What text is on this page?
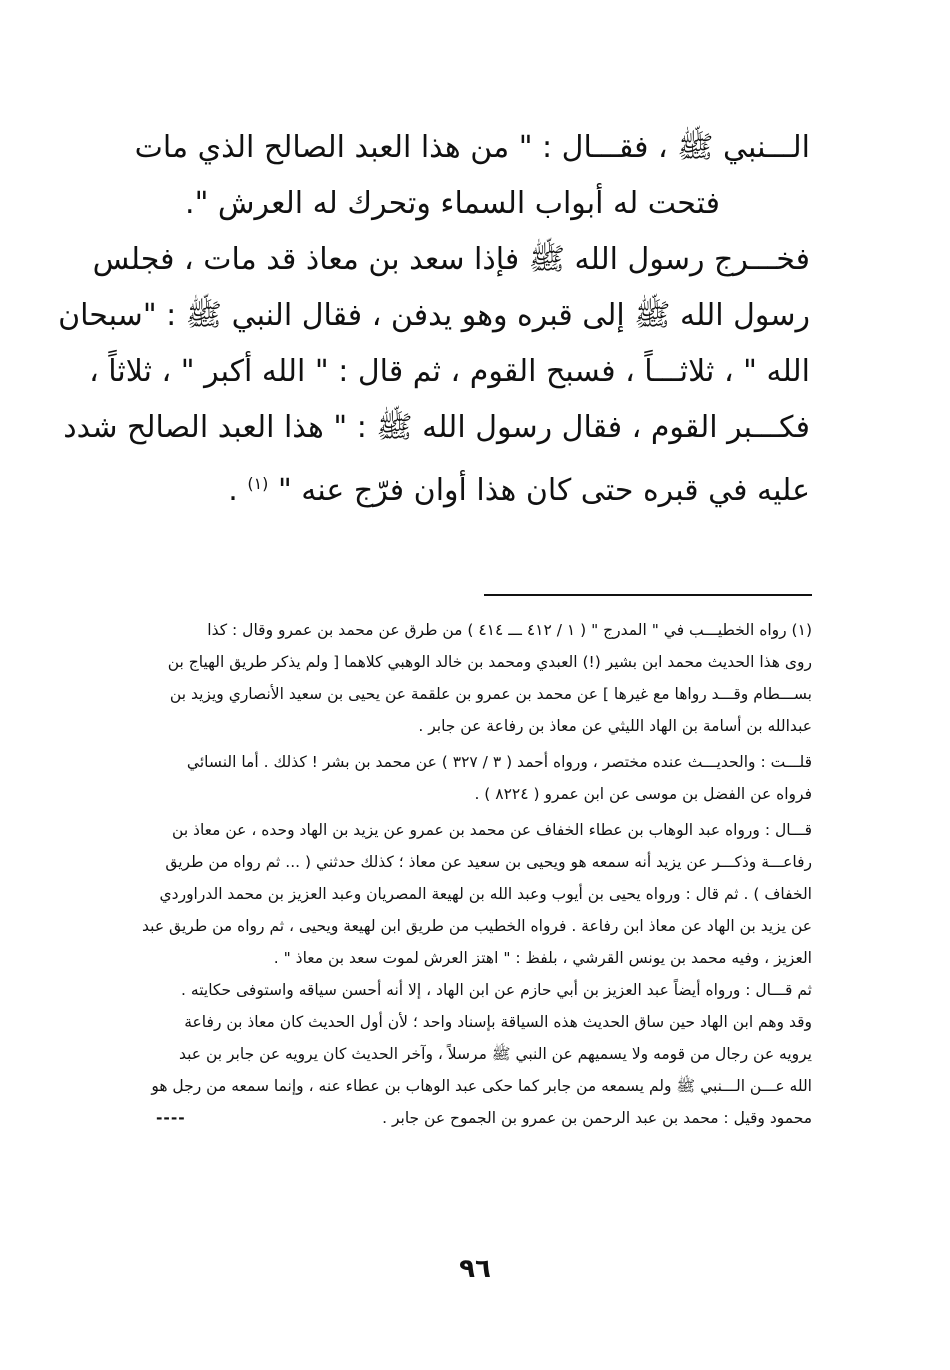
الـــنبي ﷺ ، فقـــال : " من هذا العبد الصالح الذي مات
فتحت له أبواب السماء وتحرك له العرش ".
فخـــرج رسول الله ﷺ فإذا سعد بن معاذ قد مات ، فجلس
رسول الله ﷺ إلى قبره وهو يدفن ، فقال النبي ﷺ : "سبحان
الله " ، ثلاثـــاً ، فسبح القوم ، ثم قال : " الله أكبر " ، ثلاثاً ،
فكـــبر القوم ، فقال رسول الله ﷺ : " هذا العبد الصالح شدد
عليه في قبره حتى كان هذا أوان فرّج عنه " $^{(١)}$ .
(١) رواه الخطيـــب في " المدرج " ( ١ / ٤١٢ ـــ ٤١٤ ) من طرق عن محمد بن عمرو وقال : كذا
روى هذا الحديث محمد ابن بشير (!) العبدي ومحمد بن خالد الوهبي كلاهما [ ولم يذكر طريق الهياج بن
بســـطام وقـــد رواها مع غيرها ] عن محمد بن عمرو بن علقمة عن يحيى بن سعيد الأنصاري ويزيد بن
عبدالله بن أسامة بن الهاد الليثي عن معاذ بن رفاعة عن جابر .
قلـــت : والحديـــث عنده مختصر ، ورواه أحمد ( ٣ / ٣٢٧ ) عن محمد بن بشر ! كذلك . أما النسائي
فرواه عن الفضل بن موسى عن ابن عمرو ( ٨٢٢٤ ) .
قـــال : ورواه عبد الوهاب بن عطاء الخفاف عن محمد بن عمرو عن يزيد بن الهاد وحده ، عن معاذ بن
رفاعـــة وذكـــر عن يزيد أنه سمعه هو ويحيى بن سعيد عن معاذ ؛ كذلك حدثني ( ... ثم رواه من طريق
الخفاف ) . ثم قال : ورواه يحيى بن أيوب وعبد الله بن لهيعة المصريان وعبد العزيز بن محمد الدراوردي
عن يزيد بن الهاد عن معاذ ابن رفاعة . فرواه الخطيب من طريق ابن لهيعة ويحيى ، ثم رواه من طريق عبد
العزيز ، وفيه محمد بن يونس القرشي ، بلفظ : " اهتز العرش لموت سعد بن معاذ " .
ثم قـــال : ورواه أيضاً عبد العزيز بن أبي حازم عن ابن الهاد ، إلا أنه أحسن سياقه واستوفى حكايته .
وقد وهم ابن الهاد حين ساق الحديث هذه السياقة بإسناد واحد ؛ لأن أول الحديث كان معاذ بن رفاعة
يرويه عن رجال من قومه ولا يسميهم عن النبي ﷺ مرسلاً ، وآخر الحديث كان يرويه عن جابر بن عبد
الله عـــن الـــنبي ﷺ ولم يسمعه من جابر كما حكى عبد الوهاب بن عطاء عنه ، وإنما سمعه من رجل هو
محمود وقيل : محمد بن عبد الرحمن بن عمرو بن الجموح عن جابر .
----
٩٦
